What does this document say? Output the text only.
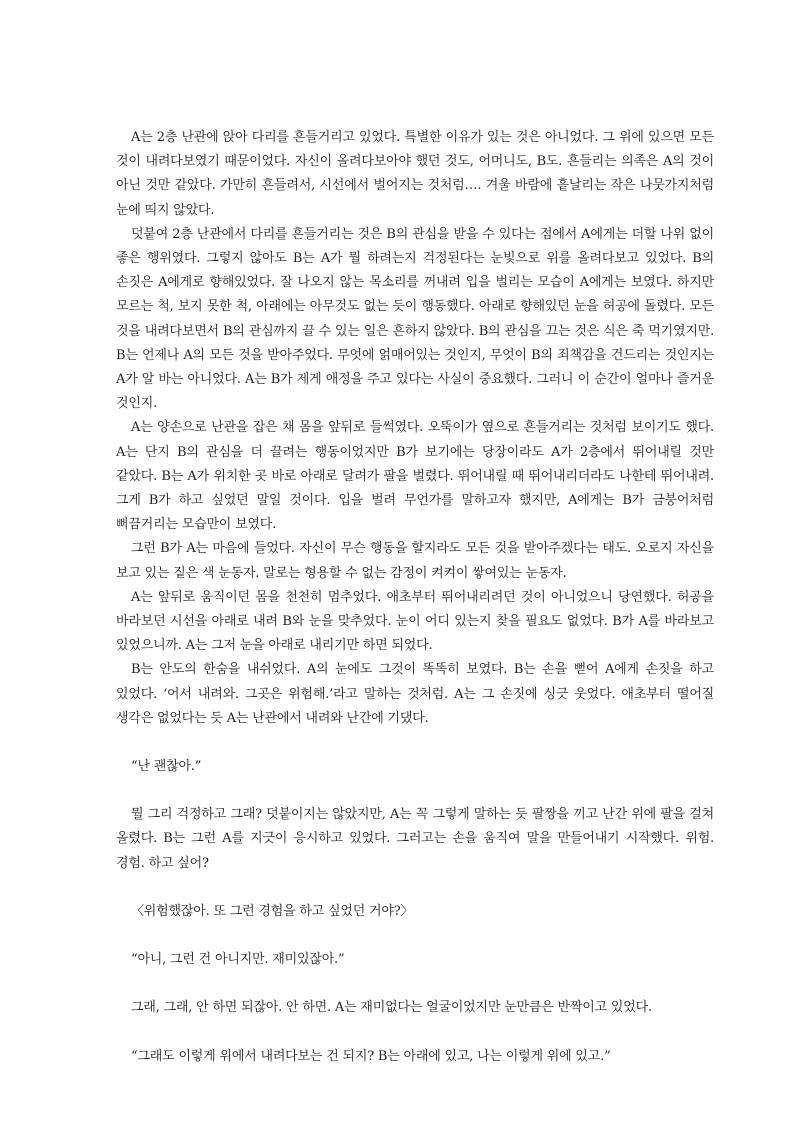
A는 2층 난관에 앉아 다리를 흔들거리고 있었다. 특별한 이유가 있는 것은 아니었다. 그 위에 있으면 모든 것이 내려다보였기 때문이었다. 자신이 올려다보아야 했던 것도, 어머니도, B도. 흔들리는 의족은 A의 것이 아닌 것만 같았다. 가만히 흔들려서, 시선에서 벌어지는 것처럼…. 겨울 바람에 흩날리는 작은 나뭇가지처럼 눈에 띄지 않았다.

덧붙여 2층 난관에서 다리를 흔들거리는 것은 B의 관심을 받을 수 있다는 점에서 A에게는 더할 나위 없이 좋은 행위였다. 그렇지 않아도 B는 A가 뭘 하려는지 걱정된다는 눈빛으로 위를 올려다보고 있었다. B의 손짓은 A에게로 향해있었다. 잘 나오지 않는 목소리를 꺼내려 입을 벌리는 모습이 A에게는 보였다. 하지만 모르는 척, 보지 못한 척, 아래에는 아무것도 없는 듯이 행동했다. 아래로 향해있던 눈을 허공에 돌렸다. 모든 것을 내려다보면서 B의 관심까지 끌 수 있는 일은 흔하지 않았다. B의 관심을 끄는 것은 식은 죽 먹기였지만. B는 언제나 A의 모든 것을 받아주었다. 무엇에 얽매어있는 것인지, 무엇이 B의 죄책감을 건드리는 것인지는 A가 알 바는 아니었다. A는 B가 제게 애정을 주고 있다는 사실이 중요했다. 그러니 이 순간이 얼마나 즐거운 것인지.

A는 양손으로 난관을 잡은 채 몸을 앞뒤로 들썩였다. 오뚝이가 옆으로 흔들거리는 것처럼 보이기도 했다. A는 단지 B의 관심을 더 끌려는 행동이었지만 B가 보기에는 당장이라도 A가 2층에서 뛰어내릴 것만 같았다. B는 A가 위치한 곳 바로 아래로 달려가 팔을 벌렸다. 뛰어내릴 때 뛰어내리더라도 나한테 뛰어내려. 그게 B가 하고 싶었던 말일 것이다. 입을 벌려 무언가를 말하고자 했지만, A에게는 B가 금붕어처럼 뻐끔거리는 모습만이 보였다.

그런 B가 A는 마음에 들었다. 자신이 무슨 행동을 할지라도 모든 것을 받아주겠다는 태도. 오로지 자신을 보고 있는 짙은 색 눈동자. 말로는 형용할 수 없는 감정이 켜켜이 쌓여있는 눈동자.

A는 앞뒤로 움직이던 몸을 천천히 멈추었다. 애초부터 뛰어내리려던 것이 아니었으니 당연했다. 허공을 바라보던 시선을 아래로 내려 B와 눈을 맞추었다. 눈이 어디 있는지 찾을 필요도 없었다. B가 A를 바라보고 있었으니까. A는 그저 눈을 아래로 내리기만 하면 되었다.

B는 안도의 한숨을 내쉬었다. A의 눈에도 그것이 똑똑히 보였다. B는 손을 뻗어 A에게 손짓을 하고 있었다. ‘어서 내려와. 그곳은 위험해.’라고 말하는 것처럼. A는 그 손짓에 싱긋 웃었다. 애초부터 떨어질 생각은 없었다는 듯 A는 난관에서 내려와 난간에 기댔다.

“난 괜찮아.”

뭘 그리 걱정하고 그래? 덧붙이지는 않았지만, A는 꼭 그렇게 말하는 듯 팔짱을 끼고 난간 위에 팔을 걸쳐 올렸다. B는 그런 A를 지긋이 응시하고 있었다. 그러고는 손을 움직여 말을 만들어내기 시작했다. 위험. 경험. 하고 싶어?

〈위험했잖아. 또 그런 경험을 하고 싶었던 거야?〉

“아니, 그런 건 아니지만. 재미있잖아.”

그래, 그래, 안 하면 되잖아. 안 하면. A는 재미없다는 얼굴이었지만 눈만큼은 반짝이고 있었다.

“그래도 이렇게 위에서 내려다보는 건 되지? B는 아래에 있고, 나는 이렇게 위에 있고.”
